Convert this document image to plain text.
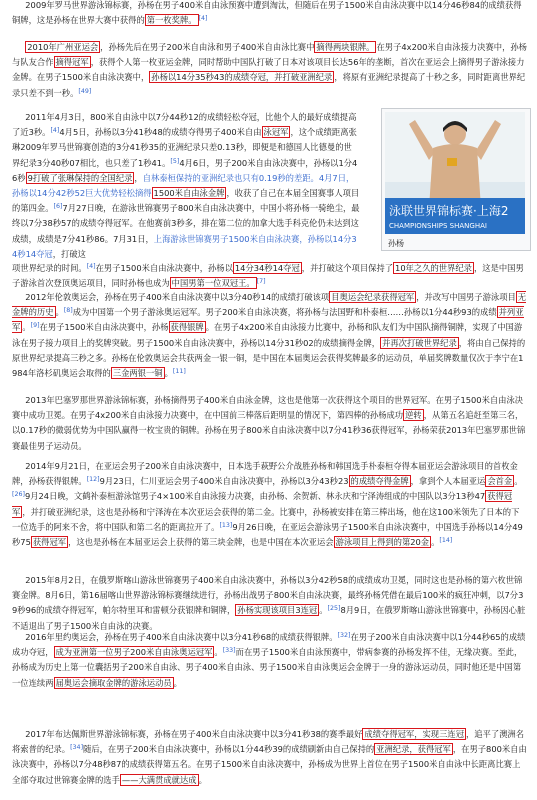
2009年罗马世界游泳锦标赛，孙杨在男子400米自由泳预赛中遭到淘汰，但随后在男子1500米自由泳决赛中以14分46秒84的成绩获得铜牌，这是孙杨在世界大赛中获得的 第一枚奖牌。 [4]
2010年广州亚运会 ，孙杨先后在男子200米自由泳和男子400米自由泳比赛中 摘得两块银牌。 在男子4x200米自由泳接力决赛中，孙杨与队友合作 摘得冠军 ，获得个人第一枚亚运金牌，同时帮助中国队打破了日本对该项目长达56年的垄断，首次在亚运会上摘得男子游泳接力金牌。在男子1500米自由泳决赛中， 孙杨以14分35秒43的成绩夺冠，并打破亚洲纪录 ，将原有亚洲纪录提高了十秒之多，同时距离世界纪录只差不到一秒。[49]
2011年4月3日，800米自由泳中以7分44秒12的成绩轻松夺冠，比他个人的最好成绩提高了近3秒。[4]4月5日，孙杨以3分41秒48的成绩夺得男子400米自由 泳冠军 ，这个成绩距离张琳2009年罗马世锦赛创造的3分41秒35的亚洲纪录只差0.13秒，即便是和德国人比德曼的世界纪录3分40秒07相比，也只差了1秒41。[5]4月6日，男子200米自由泳决赛中，孙杨以1分46秒 9打破了张琳保持的全国纪录 ，自林泰桓保持的亚洲纪录也只有0.19秒的差距。4月7日，孙杨以14分42秒52巨大优势轻松摘得 1500米自由泳金牌 ，收获了自己在本届全国赛事人项目的第四金。[6]7月27日晚，在游泳世锦赛男子800米自由泳决赛中，中国小将孙杨一骑绝尘，最终以7分38秒57的成绩夺得冠军。在他赛前3秒多，排在第二位的加拿大选手科克伦仍未达到这成绩，成绩是7分41秒86。7月31日，上海游泳世锦赛男子1500米自由泳决赛，孙杨以14分34秒14夺冠，打破这
项世界纪录的时间。[4]在男子1500米自由泳决赛中，孙杨以 14分34秒14夺冠 ，并打破这个项目保持了 10年之久的世界纪录 ，这是中国男子游泳首次登顶奥运项目，同时孙杨也成为 中国男第一位双冠王。 [7]
2012年伦敦奥运会，孙杨在男子400米自由泳决赛中以3分40秒14的成绩打破该项 目奥运会纪录获得冠军 ，并改写中国男子游泳项目 无金牌的历史 。[8]成为中国第一个男子游泳奥运冠军。男子200米自由泳决赛，将孙杨与法国野和朴泰桓……孙杨以1分44秒93的成绩 并列亚军 。[9]在男子1500米自由泳决赛中，孙杨 获得银牌 。在男子4x200米自由泳接力比赛中，孙杨和队友们为中国队摘得铜牌，实现了中国游泳在男子接力项目上的奖牌突破。男子1500米自由泳决赛中，孙杨以14分31秒02的成绩摘得金牌， 并再次打破世界纪录 ，将由自己保持的原世界纪录提高三秒之多。孙杨在伦敦奥运会共获两金一银一铜，是中国在本届奥运会获得奖牌最多的运动员，单届奖牌数量仅次于李宁在1984年洛杉矶奥运会取得的 三金两银一铜 。[11]
2013年巴塞罗那世界游泳锦标赛，孙杨摘得男子400米自由泳金牌，这也是他第一次获得这个项目的世界冠军。在男子1500米自由泳决赛中成功卫冕。在男子4x200米自由泳接力决赛中，在中国前三棒落后距明显的情况下，第四棒的孙杨成功 逆转 ，从第五名追赶至第三名，以0.17秒的微弱优势为中国队赢得一枚宝贵的铜牌。孙杨在男子800米自由泳决赛中以7分41秒36获得冠军，孙杨荣获2013年巴塞罗那世锦赛最佳男子运动员。
2014年9月21日，在亚运会男子200米自由泳决赛中，日本选手萩野公介战胜孙杨和韩国选手朴泰桓夺得本届亚运会游泳项目的首枚金牌，孙杨获得银牌。[12]9月23日，仁川亚运会男子400米自由泳决赛中，孙杨以3分43秒23 的成绩夺得金牌 ，拿到个人本届亚运 会首金 。[26]9月24日晚，文鹤补泰桓游泳馆男子4×100米自由泳接力决赛，由孙杨、余贺新、林永庆和宁泽涛组成的中国队以3分13秒47 获得冠军 ，并打破亚洲纪录，这也是孙杨和宁泽涛在本次亚运会获得的第二金。比赛中，孙杨被安排在第三棒出场，他在这100米领先了日本的下一位选手的阿来不舍，将中国队和第二名的距离拉开了。[13]9月26日晚，在亚运会游泳男子1500米自由泳决赛中，中国选手孙杨以14分49秒75 获得冠军 ，这也是孙杨在本届亚运会上获得的第三块金牌，也是中国在本次亚运会 游泳项目上得到的第20金 。[14]
2015年8月2日，在俄罗斯喀山游泳世锦赛男子400米自由泳决赛中，孙杨以3分42秒58的成绩成功卫冕，同时这也是孙杨的第六枚世锦赛金牌。8月6日，第16届喀山世界游泳锦标赛继续进行，孙杨出战男子800米自由泳决赛，最终孙杨凭借在最后100米的疯狂冲刺，以7分39秒96的成绩夺得冠军，帕尔特里耳和雷顿分获银牌和铜牌， 孙杨实现该项目3连冠 。[25]8月9日，在俄罗斯喀山游泳世锦赛中，孙杨因心脏不适退出了男子1500米自由泳的决赛。
2016年里约奥运会，孙杨在男子400米自由泳决赛中以3分41秒68的成绩获得银牌。[32]在男子200米自由泳决赛中以1分44秒65的成绩成功夺冠， 成为亚洲第一位男子200米自由泳奥运冠军 。[33]而在男子1500米自由泳预赛中，带病参赛的孙杨发挥不佳，无缘决赛。至此，孙杨成为历史上第一位囊括男子200米自由泳、男子400米自由泳、男子1500米自由泳奥运会金牌于一身的游泳运动员，同时他还是中国第一位连续两 届奥运会摘取金牌的游泳运动员 。
2017年布达佩斯世界游泳锦标赛，孙杨在男子400米自由泳决赛中以3分41秒38的赛季最好 成绩夺得冠军，实现三连冠 ，追平了澳洲名将索普的纪录。[34]随后，在男子200米自由泳决赛中，孙杨以1分44秒39的成绩刷新由自己保持的 亚洲纪录，获得冠军 ，在男子800米自由泳决赛中，孙杨以7分48秒87的成绩获得第五名。在男子1500米自由泳决赛中，孙杨成为世界上首位在男子1500米自由泳中长距离比赛上全部夺取过世锦赛金牌的选手 ——大满贯成就达成 。
泳联世界锦标赛·上海2
CHAMPIONSHIPS SHANGHAI
孙杨
